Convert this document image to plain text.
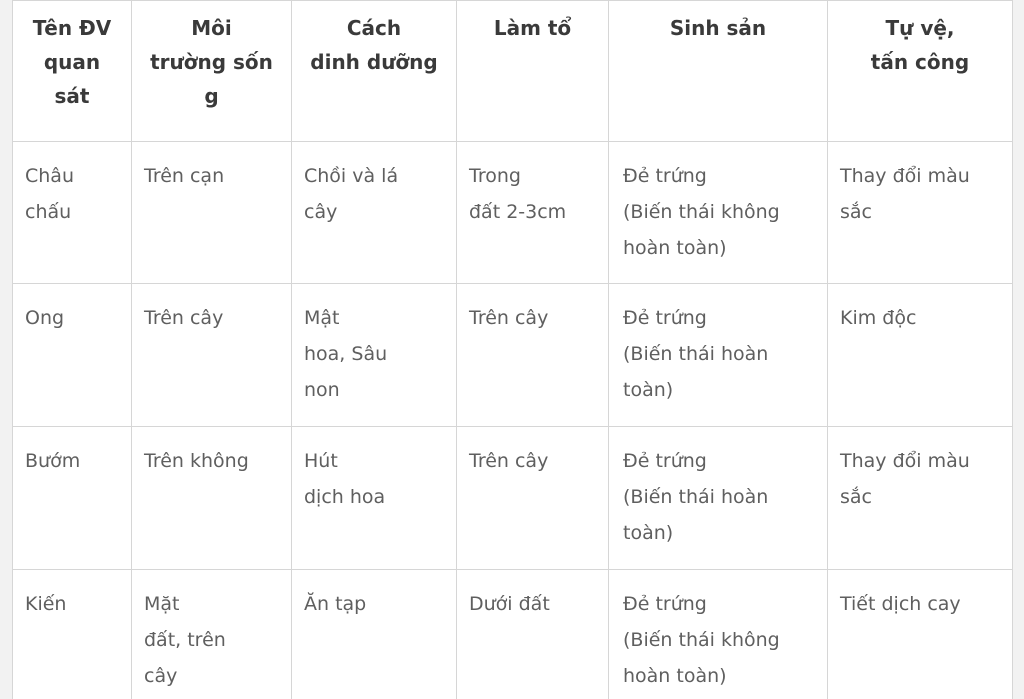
Tên ĐV
quan
sát	Môi
trường sốn
g	Cách
dinh dưỡng	Làm tổ	Sinh sản	Tự vệ,
tấn công
Châu
chấu	Trên cạn	Chồi và lá
cây	Trong
đất 2-3cm	Đẻ trứng
(Biến thái không
hoàn toàn)	Thay đổi màu
sắc
Ong	Trên cây	Mật
hoa, Sâu
non	Trên cây	Đẻ trứng
(Biến thái hoàn
toàn)	Kim độc
Bướm	Trên không	Hút
dịch hoa	Trên cây	Đẻ trứng
(Biến thái hoàn
toàn)	Thay đổi màu
sắc
Kiến	Mặt
đất, trên
cây	Ăn tạp	Dưới đất	Đẻ trứng
(Biến thái không
hoàn toàn)	Tiết dịch cay
